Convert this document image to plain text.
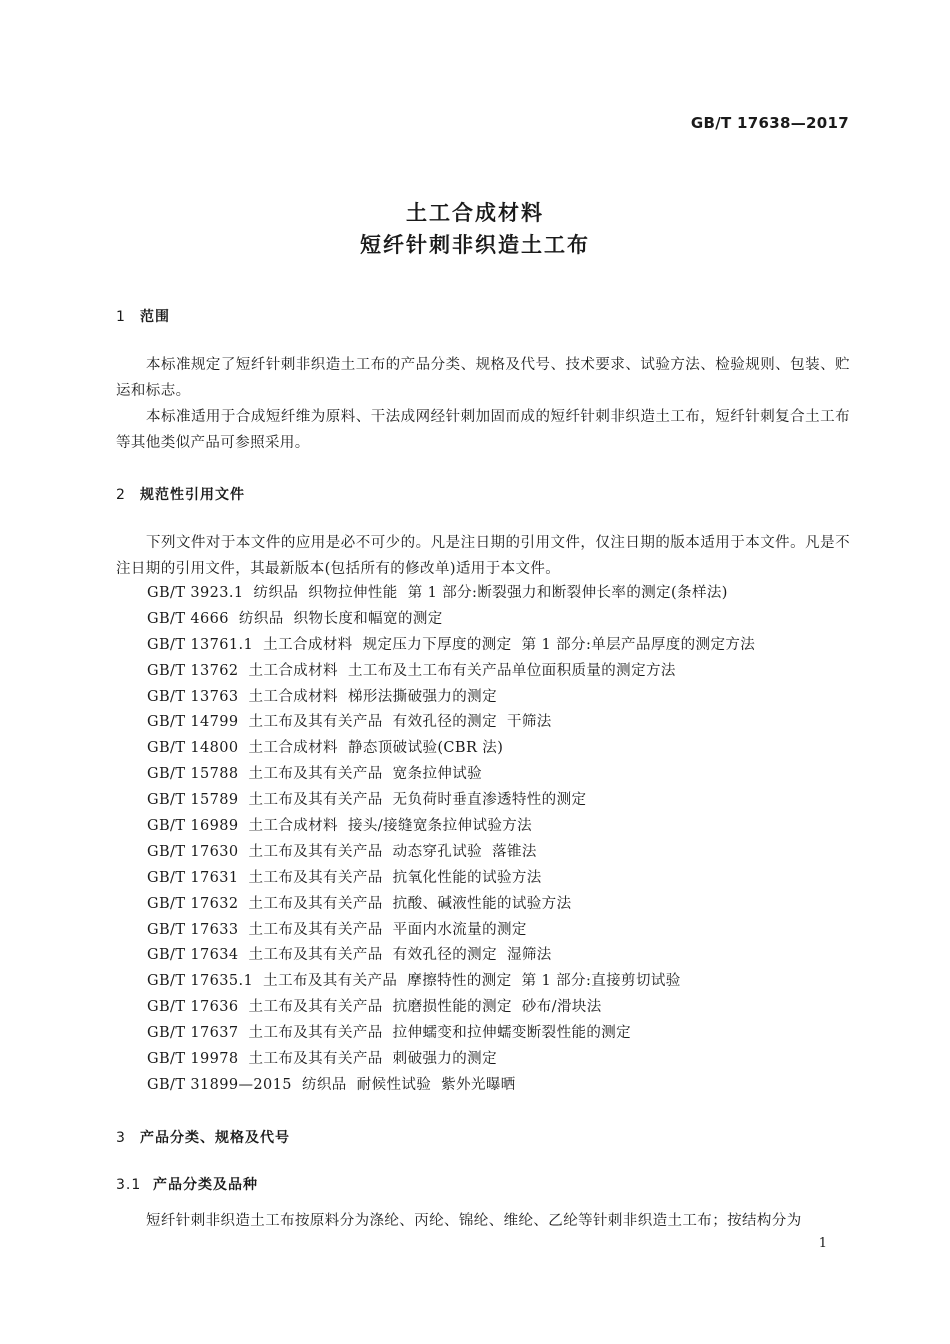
GB/T 17638—2017
土工合成材料
短纤针刺非织造土工布
1 范围
本标准规定了短纤针刺非织造土工布的产品分类、规格及代号、技术要求、试验方法、检验规则、包装、贮运和标志。
本标准适用于合成短纤维为原料、干法成网经针刺加固而成的短纤针刺非织造土工布，短纤针刺复合土工布等其他类似产品可参照采用。
2 规范性引用文件
下列文件对于本文件的应用是必不可少的。凡是注日期的引用文件，仅注日期的版本适用于本文件。凡是不注日期的引用文件，其最新版本(包括所有的修改单)适用于本文件。
GB/T 3923.1  纺织品  织物拉伸性能  第 1 部分:断裂强力和断裂伸长率的测定(条样法)
GB/T 4666  纺织品  织物长度和幅宽的测定
GB/T 13761.1  土工合成材料  规定压力下厚度的测定  第 1 部分:单层产品厚度的测定方法
GB/T 13762  土工合成材料  土工布及土工布有关产品单位面积质量的测定方法
GB/T 13763  土工合成材料  梯形法撕破强力的测定
GB/T 14799  土工布及其有关产品  有效孔径的测定  干筛法
GB/T 14800  土工合成材料  静态顶破试验(CBR 法)
GB/T 15788  土工布及其有关产品  宽条拉伸试验
GB/T 15789  土工布及其有关产品  无负荷时垂直渗透特性的测定
GB/T 16989  土工合成材料  接头/接缝宽条拉伸试验方法
GB/T 17630  土工布及其有关产品  动态穿孔试验  落锥法
GB/T 17631  土工布及其有关产品  抗氧化性能的试验方法
GB/T 17632  土工布及其有关产品  抗酸、碱液性能的试验方法
GB/T 17633  土工布及其有关产品  平面内水流量的测定
GB/T 17634  土工布及其有关产品  有效孔径的测定  湿筛法
GB/T 17635.1  土工布及其有关产品  摩擦特性的测定  第 1 部分:直接剪切试验
GB/T 17636  土工布及其有关产品  抗磨损性能的测定  砂布/滑块法
GB/T 17637  土工布及其有关产品  拉伸蠕变和拉伸蠕变断裂性能的测定
GB/T 19978  土工布及其有关产品  刺破强力的测定
GB/T 31899—2015  纺织品  耐候性试验  紫外光曝晒
3 产品分类、规格及代号
3.1 产品分类及品种
短纤针刺非织造土工布按原料分为涤纶、丙纶、锦纶、维纶、乙纶等针刺非织造土工布；按结构分为
1
